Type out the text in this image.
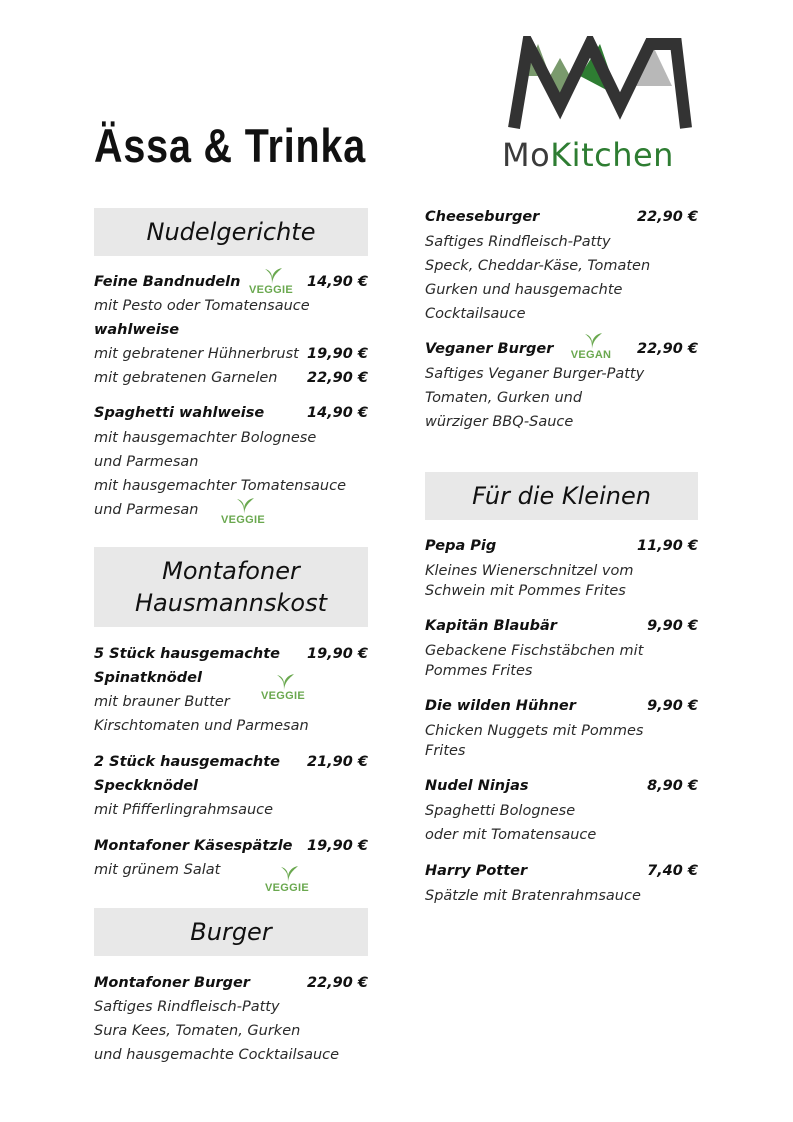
Ässa & Trinka	MoKitchen
Nudelgerichte
Feine Bandnudeln VEGGIE 14,90 €
mit Pesto oder Tomatensauce
wahlweise
mit gebratener Hühnerbrust 19,90 €
mit gebratenen Garnelen	22,90 €
Spaghetti wahlweise	14,90 €
mit hausgemachter Bolognese
und Parmesan
mit hausgemachter Tomatensauce
und Parmesan
VEGGIE
Montafoner
Hausmannskost
5 Stück hausgemachte	19,90 €
Spinatknödel
VEGGIE
mit brauner Butter
Kirschtomaten und Parmesan
2 Stück hausgemachte	21,90 €
Speckknödel
mit Pfifferlingrahmsauce
Montafoner Käsespätzle 19,90 €
mit grünem Salat
VEGGIE
Burger
Montafoner Burger	22,90 €
Saftiges Rindfleisch-Patty
Sura Kees, Tomaten, Gurken
und hausgemachte Cocktailsauce
Cheeseburger	22,90 €
Saftiges Rindfleisch-Patty
Speck, Cheddar-Käse, Tomaten
Gurken und hausgemachte
Cocktailsauce
Veganer Burger	VEGAN	22,90 €
Saftiges Veganer Burger-Patty
Tomaten, Gurken und
würziger BBQ-Sauce
Für die Kleinen
Pepa Pig	11,90 €
Kleines Wienerschnitzel vom
Schwein mit Pommes Frites
Kapitän Blaubär	9,90 €
Gebackene Fischstäbchen mit
Pommes Frites
Die wilden Hühner	9,90 €
Chicken Nuggets mit Pommes
Frites
Nudel Ninjas	8,90 €
Spaghetti Bolognese
oder mit Tomatensauce
Harry Potter	7,40 €
Spätzle mit Bratenrahmsauce
